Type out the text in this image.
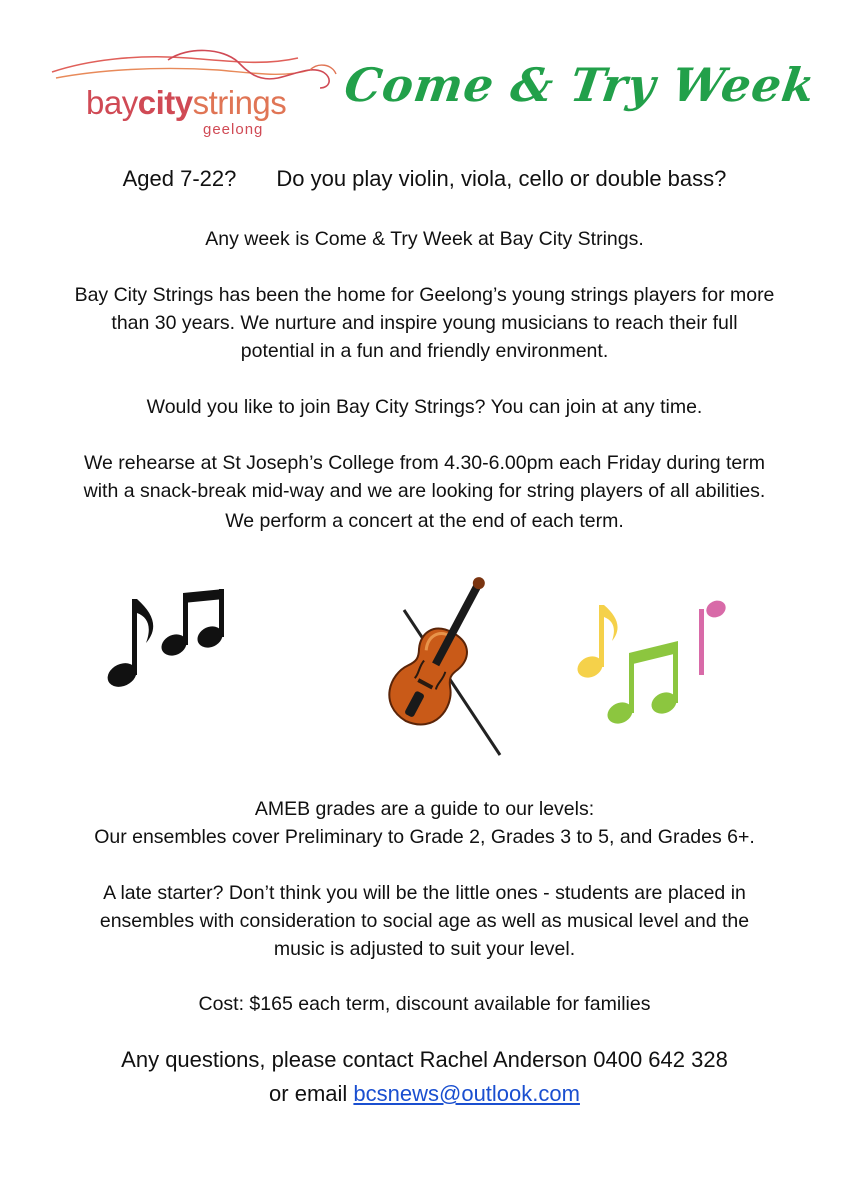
baycitystrings
geelong
Come & Try Week
Aged 7-22? Do you play violin, viola, cello or double bass?
Any week is Come & Try Week at Bay City Strings.
Bay City Strings has been the home for Geelong’s young strings players for more
than 30 years. We nurture and inspire young musicians to reach their full
potential in a fun and friendly environment.
Would you like to join Bay City Strings? You can join at any time.
We rehearse at St Joseph’s College from 4.30-6.00pm each Friday during term
with a snack-break mid-way and we are looking for string players of all abilities.
We perform a concert at the end of each term.
AMEB grades are a guide to our levels:
Our ensembles cover Preliminary to Grade 2, Grades 3 to 5, and Grades 6+.
A late starter? Don’t think you will be the little ones - students are placed in
ensembles with consideration to social age as well as musical level and the
music is adjusted to suit your level.
Cost: $165 each term, discount available for families
Any questions, please contact Rachel Anderson 0400 642 328
or email bcsnews@outlook.com
